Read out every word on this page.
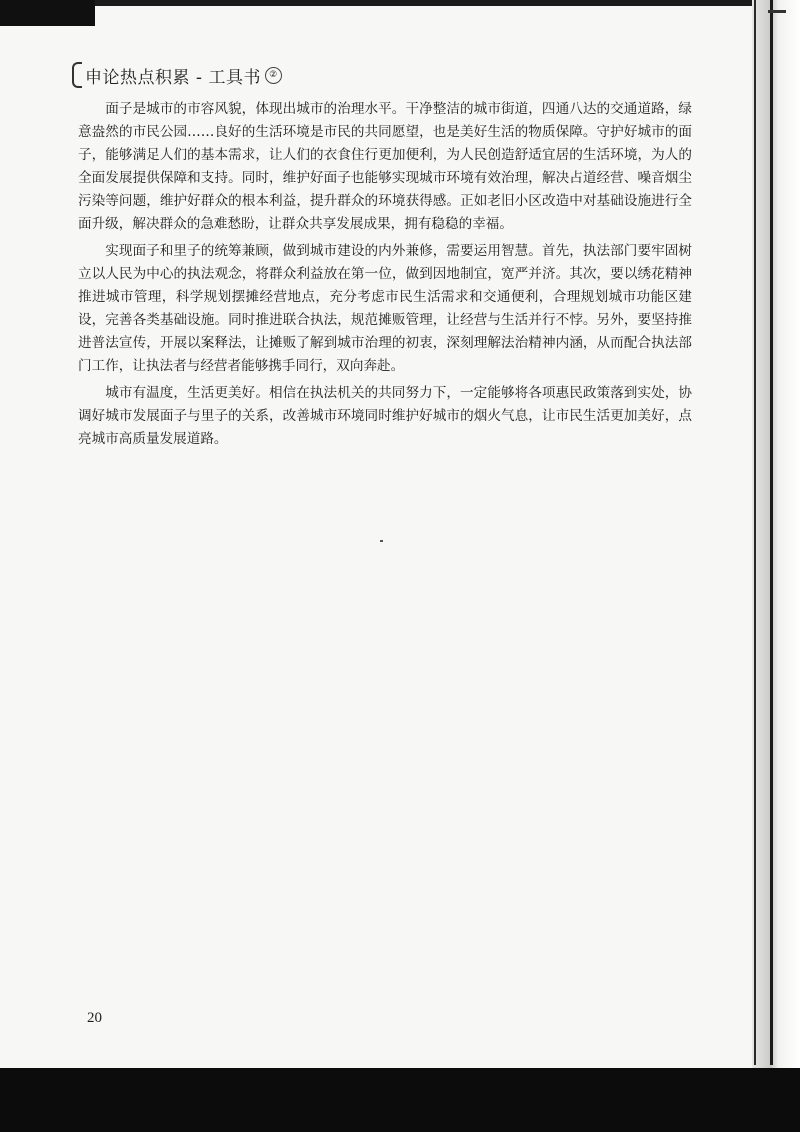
申论热点积累 - 工具书 ②

面子是城市的市容风貌，体现出城市的治理水平。干净整洁的城市街道，四通八达的交通道路，绿意盎然的市民公园……良好的生活环境是市民的共同愿望，也是美好生活的物质保障。守护好城市的面子，能够满足人们的基本需求，让人们的衣食住行更加便利，为人民创造舒适宜居的生活环境，为人的全面发展提供保障和支持。同时，维护好面子也能够实现城市环境有效治理，解决占道经营、噪音烟尘污染等问题，维护好群众的根本利益，提升群众的环境获得感。正如老旧小区改造中对基础设施进行全面升级，解决群众的急难愁盼，让群众共享发展成果，拥有稳稳的幸福。

实现面子和里子的统筹兼顾，做到城市建设的内外兼修，需要运用智慧。首先，执法部门要牢固树立以人民为中心的执法观念，将群众利益放在第一位，做到因地制宜，宽严并济。其次，要以绣花精神推进城市管理，科学规划摆摊经营地点，充分考虑市民生活需求和交通便利，合理规划城市功能区建设，完善各类基础设施。同时推进联合执法，规范摊贩管理，让经营与生活并行不悖。另外，要坚持推进普法宣传，开展以案释法，让摊贩了解到城市治理的初衷，深刻理解法治精神内涵，从而配合执法部门工作，让执法者与经营者能够携手同行，双向奔赴。

城市有温度，生活更美好。相信在执法机关的共同努力下，一定能够将各项惠民政策落到实处，协调好城市发展面子与里子的关系，改善城市环境同时维护好城市的烟火气息，让市民生活更加美好，点亮城市高质量发展道路。

20
